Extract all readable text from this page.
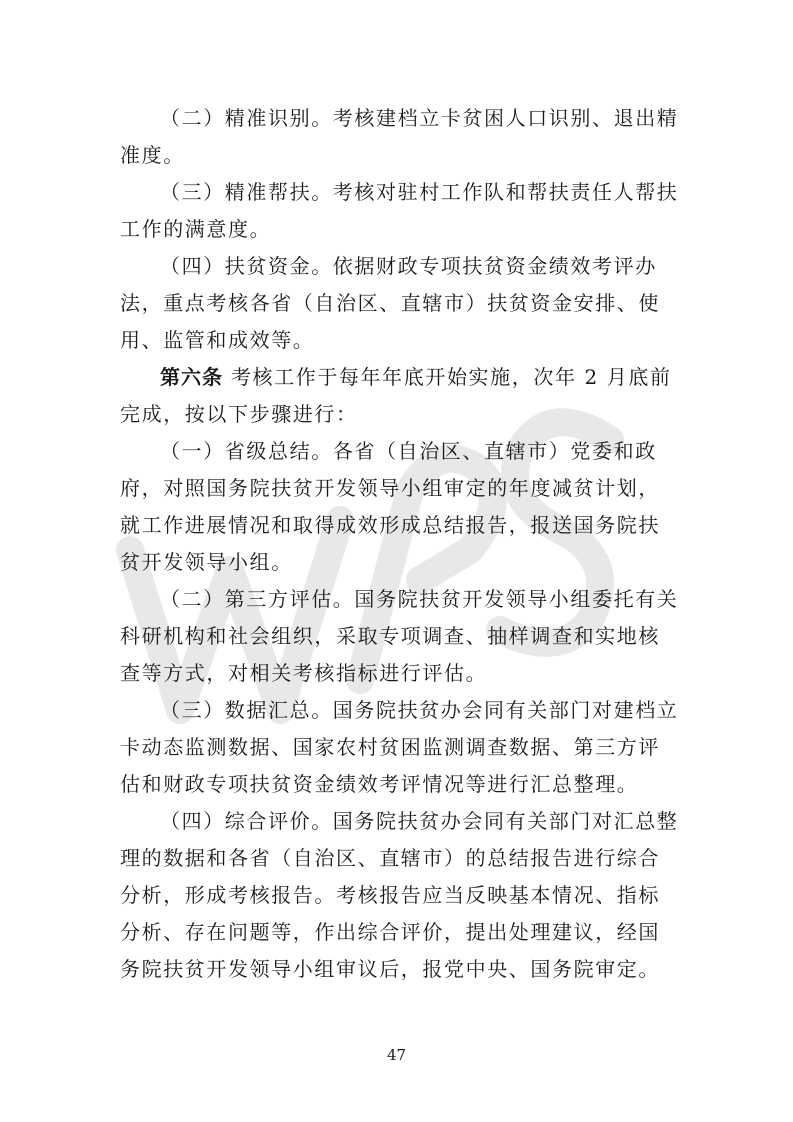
（二）精准识别。考核建档立卡贫困人口识别、退出精准度。

（三）精准帮扶。考核对驻村工作队和帮扶责任人帮扶工作的满意度。

（四）扶贫资金。依据财政专项扶贫资金绩效考评办法，重点考核各省（自治区、直辖市）扶贫资金安排、使用、监管和成效等。

第六条 考核工作于每年年底开始实施，次年 2 月底前完成，按以下步骤进行：

（一）省级总结。各省（自治区、直辖市）党委和政府，对照国务院扶贫开发领导小组审定的年度减贫计划，就工作进展情况和取得成效形成总结报告，报送国务院扶贫开发领导小组。

（二）第三方评估。国务院扶贫开发领导小组委托有关科研机构和社会组织，采取专项调查、抽样调查和实地核查等方式，对相关考核指标进行评估。

（三）数据汇总。国务院扶贫办会同有关部门对建档立卡动态监测数据、国家农村贫困监测调查数据、第三方评估和财政专项扶贫资金绩效考评情况等进行汇总整理。

（四）综合评价。国务院扶贫办会同有关部门对汇总整理的数据和各省（自治区、直辖市）的总结报告进行综合分析，形成考核报告。考核报告应当反映基本情况、指标分析、存在问题等，作出综合评价，提出处理建议，经国务院扶贫开发领导小组审议后，报党中央、国务院审定。

47
